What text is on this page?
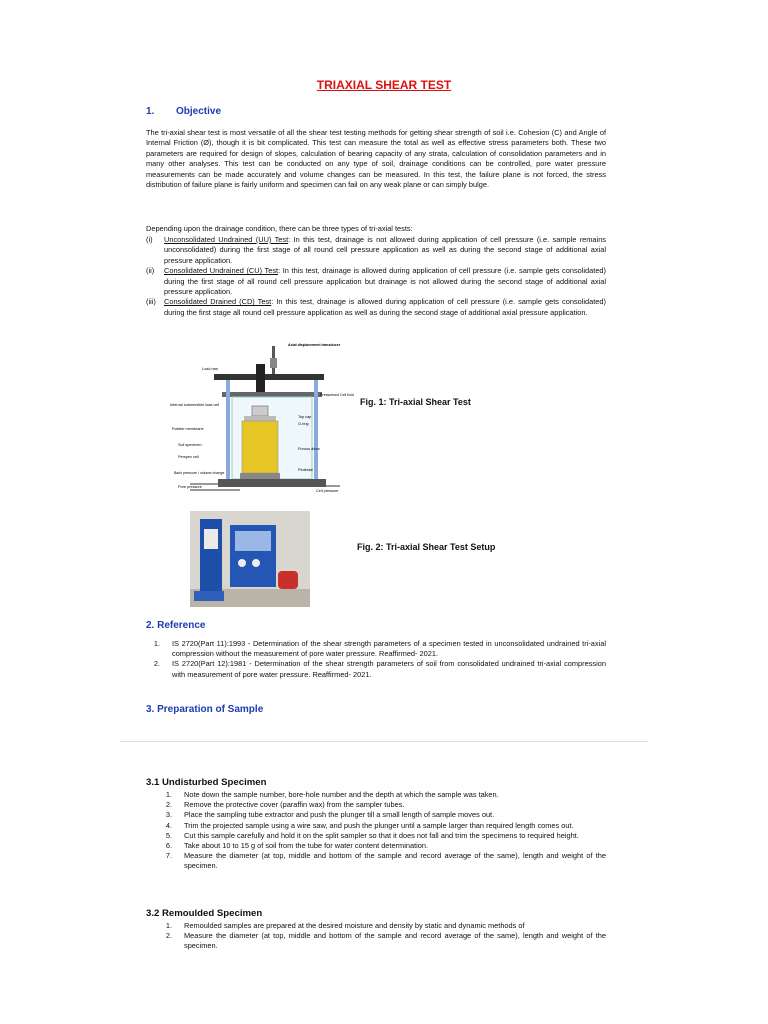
TRIAXIAL SHEAR TEST
1. Objective
The tri-axial shear test is most versatile of all the shear test testing methods for getting shear strength of soil i.e. Cohesion (C) and Angle of Internal Friction (Ø), though it is bit complicated. This test can measure the total as well as effective stress parameters both. These two parameters are required for design of slopes, calculation of bearing capacity of any strata, calculation of consolidation parameters and in many other analyses. This test can be conducted on any type of soil, drainage conditions can be controlled, pore water pressure measurements can be made accurately and volume changes can be measured. In this test, the failure plane is not forced, the stress distribution of failure plane is fairly uniform and specimen can fail on any weak plane or can simply bulge.
Depending upon the drainage condition, there can be three types of tri-axial tests:
(i) Unconsolidated Undrained (UU) Test: In this test, drainage is not allowed during application of cell pressure (i.e. sample remains unconsolidated) during the first stage of all round cell pressure application as well as during the second stage of additional axial pressure application.
(ii) Consolidated Undrained (CU) Test: In this test, drainage is allowed during application of cell pressure (i.e. sample gets consolidated) during the first stage of all round cell pressure application but drainage is not allowed during the second stage of additional axial pressure application.
(iii) Consolidated Drained (CD) Test: In this test, drainage is allowed during application of cell pressure (i.e. sample gets consolidated) during the first stage all round cell pressure application as well as during the second stage of additional axial pressure application.
Axial displacement transducer
Load ram
Internal submersible load cell
Rubber membrane
Soil specimen
Perspex cell
Back pressure / volume change
Pore pressure
Pressurised Cell fluid
Top cap
O-ring
Porous discs
Pedestal
Cell pressure
Fig. 1: Tri-axial Shear Test
Fig. 2: Tri-axial Shear Test Setup
2. Reference
1. IS 2720(Part 11):1993 - Determination of the shear strength parameters of a specimen tested in unconsolidated undrained tri-axial compression without the measurement of pore water pressure. Reaffirmed- 2021.
2. IS 2720(Part 12):1981 - Determination of the shear strength parameters of soil from consolidated undrained tri-axial compression with measurement of pore water pressure. Reaffirmed- 2021.
3. Preparation of Sample
3.1 Undisturbed Specimen
1. Note down the sample number, bore-hole number and the depth at which the sample was taken.
2. Remove the protective cover (paraffin wax) from the sampler tubes.
3. Place the sampling tube extractor and push the plunger till a small length of sample moves out.
4. Trim the projected sample using a wire saw, and push the plunger until a sample larger than required length comes out.
5. Cut this sample carefully and hold it on the split sampler so that it does not fall and trim the specimens to required height.
6. Take about 10 to 15 g of soil from the tube for water content determination.
7. Measure the diameter (at top, middle and bottom of the sample and record average of the same), length and weight of the specimen.
3.2 Remoulded Specimen
1. Remoulded samples are prepared at the desired moisture and density by static and dynamic methods of
2. Measure the diameter (at top, middle and bottom of the sample and record average of the same), length and weight of the specimen.
